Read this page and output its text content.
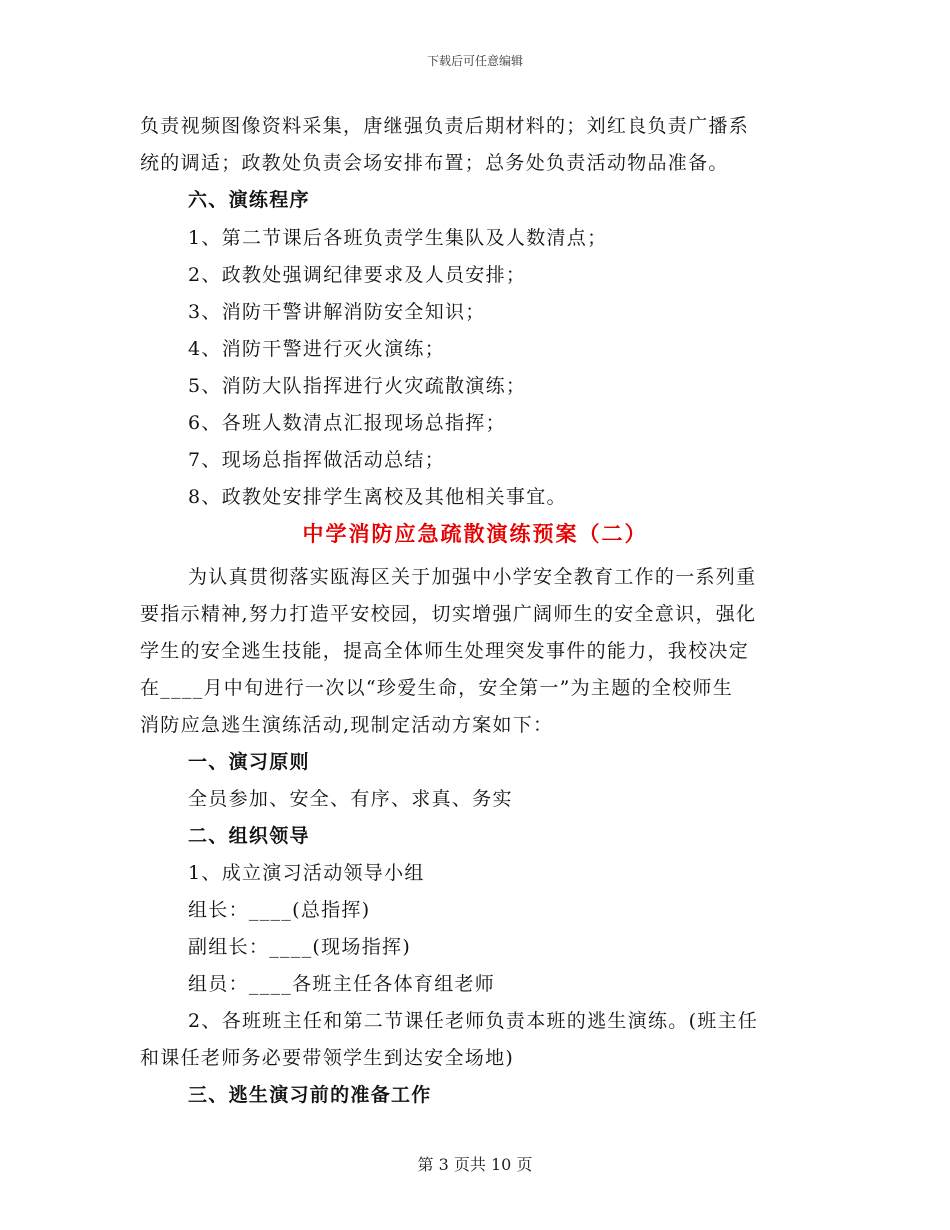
下载后可任意编辑
负责视频图像资料采集，唐继强负责后期材料的；刘红良负责广播系
统的调适；政教处负责会场安排布置；总务处负责活动物品准备。
六、演练程序
1、第二节课后各班负责学生集队及人数清点；
2、政教处强调纪律要求及人员安排；
3、消防干警讲解消防安全知识；
4、消防干警进行灭火演练；
5、消防大队指挥进行火灾疏散演练；
6、各班人数清点汇报现场总指挥；
7、现场总指挥做活动总结；
8、政教处安排学生离校及其他相关事宜。
中学消防应急疏散演练预案（二）
为认真贯彻落实瓯海区关于加强中小学安全教育工作的一系列重
要指示精神,努力打造平安校园，切实增强广阔师生的安全意识，强化
学生的安全逃生技能，提高全体师生处理突发事件的能力，我校决定
在____月中旬进行一次以“珍爱生命，安全第一”为主题的全校师生
消防应急逃生演练活动,现制定活动方案如下：
一、演习原则
全员参加、安全、有序、求真、务实
二、组织领导
1、成立演习活动领导小组
组长：____(总指挥)
副组长：____(现场指挥)
组员：____各班主任各体育组老师
2、各班班主任和第二节课任老师负责本班的逃生演练。(班主任
和课任老师务必要带领学生到达安全场地)
三、逃生演习前的准备工作
第 3 页共 10 页
